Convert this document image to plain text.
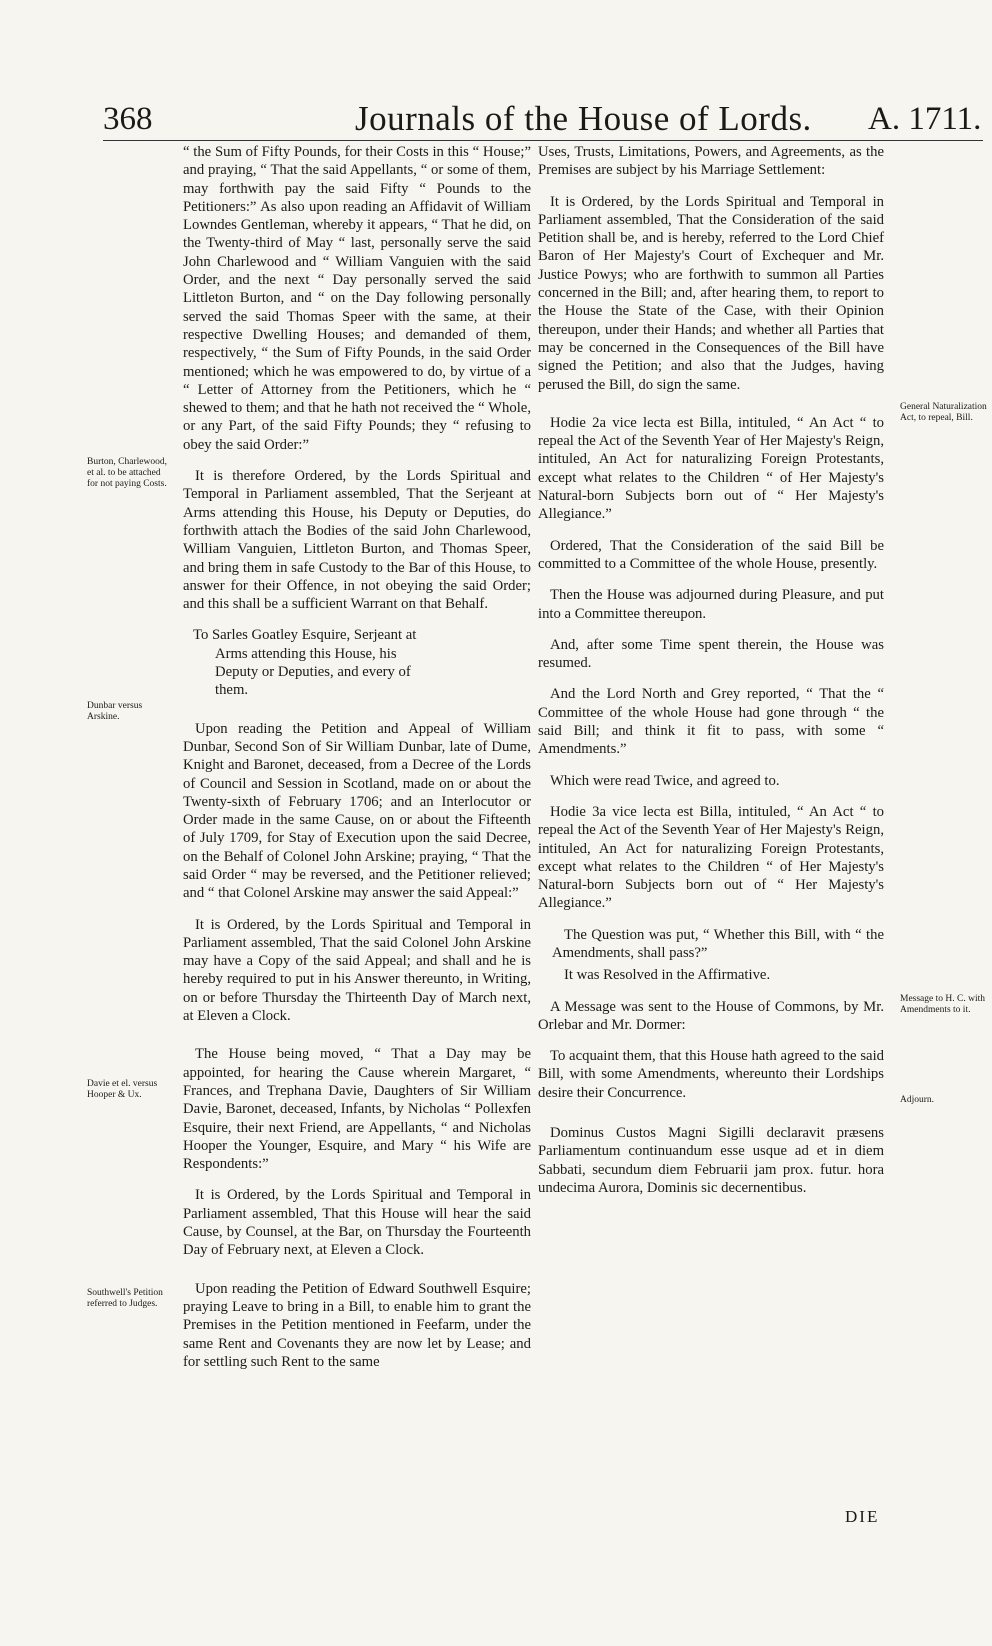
368	Journals of the House of Lords. A. 1711.
Burton, Charlewood, et al. to be attached for not paying Costs.
Dunbar versus Arskine.
Davie et el. versus Hooper & Ux.
Southwell's Petition referred to Judges.
General Naturalization Act, to repeal, Bill.
Message to H. C. with Amendments to it.
Adjourn.

“ the Sum of Fifty Pounds, for their Costs in this “ House;” and praying, “ That the said Appellants, “ or some of them, may forthwith pay the said Fifty “ Pounds to the Petitioners:” As also upon reading an Affidavit of William Lowndes Gentleman, whereby it appears, “ That he did, on the Twenty-third of May “ last, personally serve the said John Charlewood and “ William Vanguien with the said Order, and the next “ Day personally served the said Littleton Burton, and “ on the Day following personally served the said Thomas Speer with the same, at their respective Dwelling Houses; and demanded of them, respectively, “ the Sum of Fifty Pounds, in the said Order mentioned; which he was empowered to do, by virtue of a “ Letter of Attorney from the Petitioners, which he “ shewed to them; and that he hath not received the “ Whole, or any Part, of the said Fifty Pounds; they “ refusing to obey the said Order:”

It is therefore Ordered, by the Lords Spiritual and Temporal in Parliament assembled, That the Serjeant at Arms attending this House, his Deputy or Deputies, do forthwith attach the Bodies of the said John Charlewood, William Vanguien, Littleton Burton, and Thomas Speer, and bring them in safe Custody to the Bar of this House, to answer for their Offence, in not obeying the said Order; and this shall be a sufficient Warrant on that Behalf.

To Sarles Goatley Esquire, Serjeant at
Arms attending this House, his
Deputy or Deputies, and every of
them.

Upon reading the Petition and Appeal of William Dunbar, Second Son of Sir William Dunbar, late of Dume, Knight and Baronet, deceased, from a Decree of the Lords of Council and Session in Scotland, made on or about the Twenty-sixth of February 1706; and an Interlocutor or Order made in the same Cause, on or about the Fifteenth of July 1709, for Stay of Execution upon the said Decree, on the Behalf of Colonel John Arskine; praying, “ That the said Order “ may be reversed, and the Petitioner relieved; and “ that Colonel Arskine may answer the said Appeal:”

It is Ordered, by the Lords Spiritual and Temporal in Parliament assembled, That the said Colonel John Arskine may have a Copy of the said Appeal; and shall and he is hereby required to put in his Answer thereunto, in Writing, on or before Thursday the Thirteenth Day of March next, at Eleven a Clock.

The House being moved, “ That a Day may be appointed, for hearing the Cause wherein Margaret, “ Frances, and Trephana Davie, Daughters of Sir William Davie, Baronet, deceased, Infants, by Nicholas “ Pollexfen Esquire, their next Friend, are Appellants, “ and Nicholas Hooper the Younger, Esquire, and Mary “ his Wife are Respondents:”

It is Ordered, by the Lords Spiritual and Temporal in Parliament assembled, That this House will hear the said Cause, by Counsel, at the Bar, on Thursday the Fourteenth Day of February next, at Eleven a Clock.

Upon reading the Petition of Edward Southwell Esquire; praying Leave to bring in a Bill, to enable him to grant the Premises in the Petition mentioned in Feefarm, under the same Rent and Covenants they are now let by Lease; and for settling such Rent to the same

Uses, Trusts, Limitations, Powers, and Agreements, as the Premises are subject by his Marriage Settlement:

It is Ordered, by the Lords Spiritual and Temporal in Parliament assembled, That the Consideration of the said Petition shall be, and is hereby, referred to the Lord Chief Baron of Her Majesty's Court of Exchequer and Mr. Justice Powys; who are forthwith to summon all Parties concerned in the Bill; and, after hearing them, to report to the House the State of the Case, with their Opinion thereupon, under their Hands; and whether all Parties that may be concerned in the Consequences of the Bill have signed the Petition; and also that the Judges, having perused the Bill, do sign the same.

Hodie 2a vice lecta est Billa, intituled, “ An Act “ to repeal the Act of the Seventh Year of Her Majesty's Reign, intituled, An Act for naturalizing Foreign Protestants, except what relates to the Children “ of Her Majesty's Natural-born Subjects born out of “ Her Majesty's Allegiance.”

Ordered, That the Consideration of the said Bill be committed to a Committee of the whole House, presently.

Then the House was adjourned during Pleasure, and put into a Committee thereupon.

And, after some Time spent therein, the House was resumed.

And the Lord North and Grey reported, “ That the “ Committee of the whole House had gone through “ the said Bill; and think it fit to pass, with some “ Amendments.”

Which were read Twice, and agreed to.

Hodie 3a vice lecta est Billa, intituled, “ An Act “ to repeal the Act of the Seventh Year of Her Majesty's Reign, intituled, An Act for naturalizing Foreign Protestants, except what relates to the Children “ of Her Majesty's Natural-born Subjects born out of “ Her Majesty's Allegiance.”

The Question was put, “ Whether this Bill, with “ the Amendments, shall pass?”

It was Resolved in the Affirmative.

A Message was sent to the House of Commons, by Mr. Orlebar and Mr. Dormer:

To acquaint them, that this House hath agreed to the said Bill, with some Amendments, whereunto their Lordships desire their Concurrence.

Dominus Custos Magni Sigilli declaravit præsens Parliamentum continuandum esse usque ad et in diem Sabbati, secundum diem Februarii jam prox. futur. hora undecima Aurora, Dominis sic decernentibus.

DIE
